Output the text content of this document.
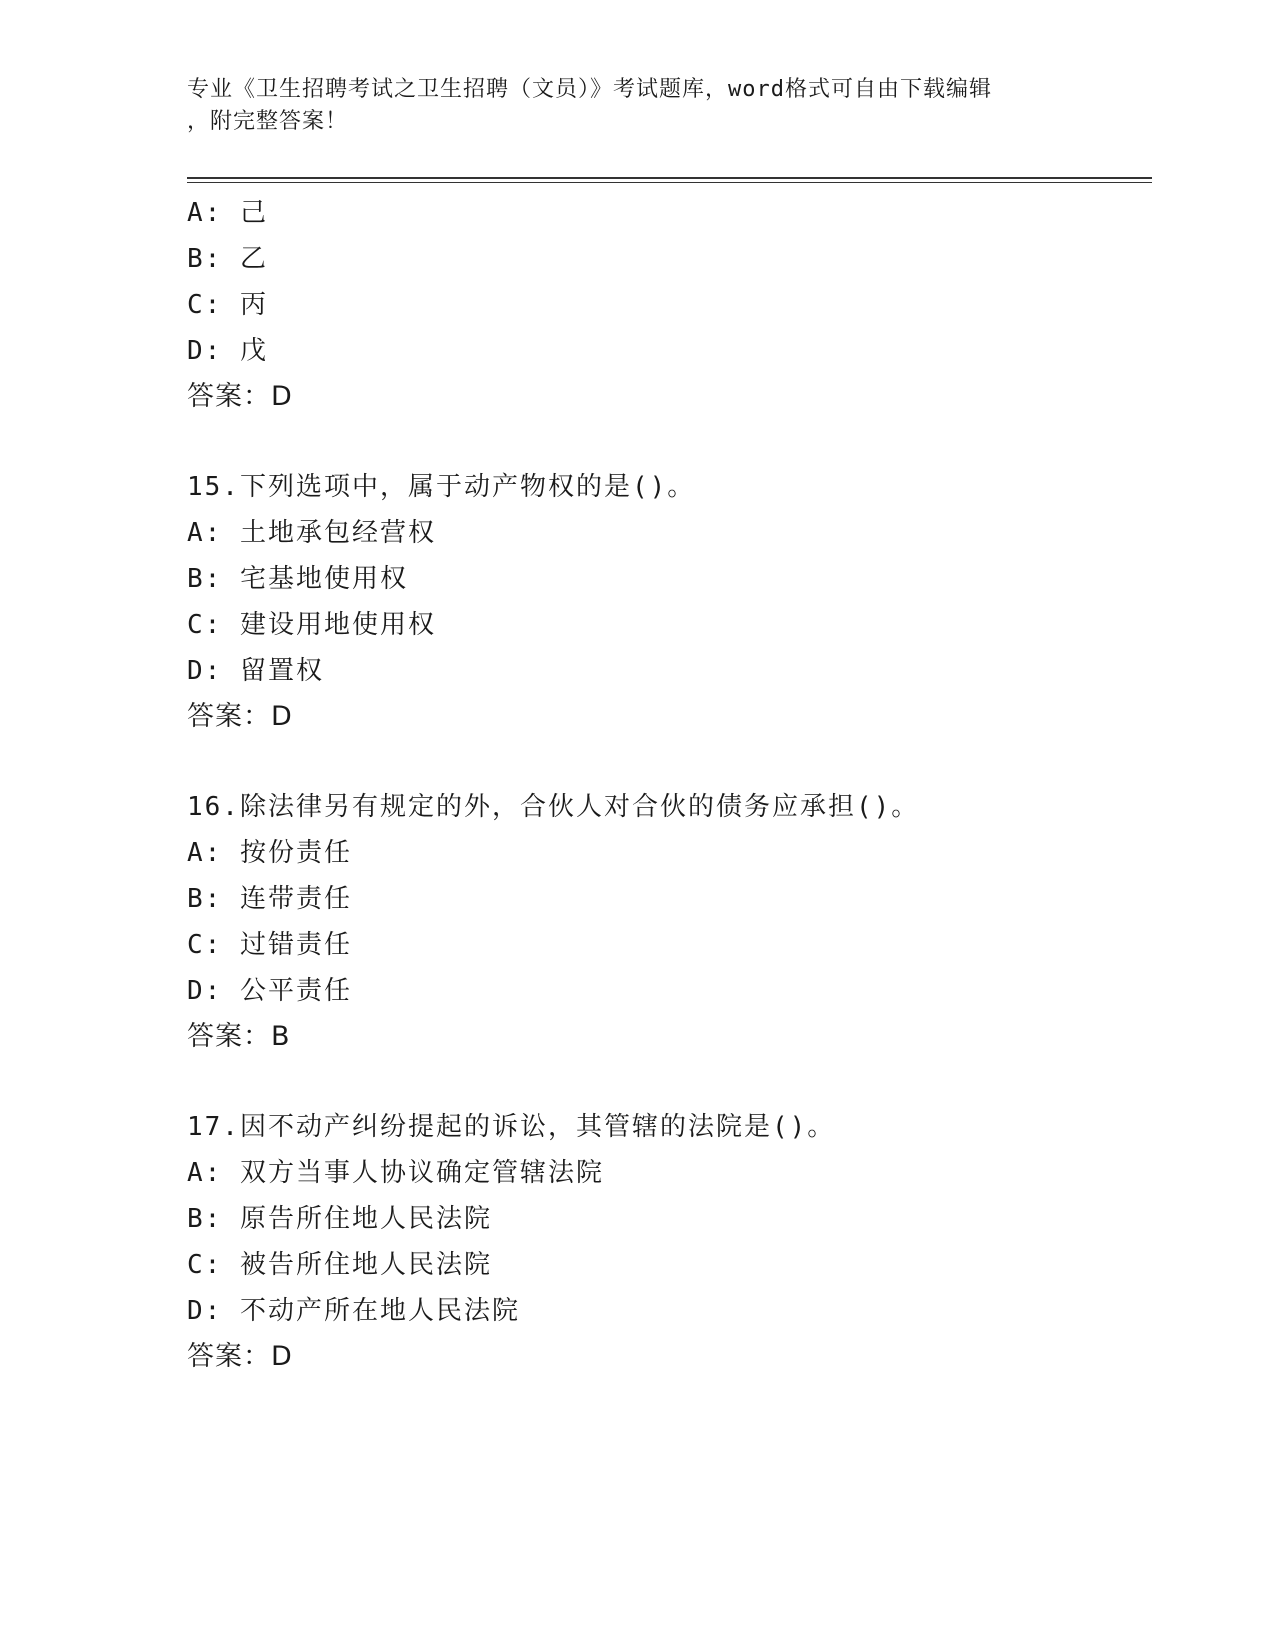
专业《卫生招聘考试之卫生招聘（文员）》考试题库，word格式可自由下载编辑
，附完整答案！
A: 己
B: 乙
C: 丙
D: 戊
答案：D
15.下列选项中，属于动产物权的是()。
A: 土地承包经营权
B: 宅基地使用权
C: 建设用地使用权
D: 留置权
答案：D
16.除法律另有规定的外，合伙人对合伙的债务应承担()。
A: 按份责任
B: 连带责任
C: 过错责任
D: 公平责任
答案：B
17.因不动产纠纷提起的诉讼，其管辖的法院是()。
A: 双方当事人协议确定管辖法院
B: 原告所住地人民法院
C: 被告所住地人民法院
D: 不动产所在地人民法院
答案：D
